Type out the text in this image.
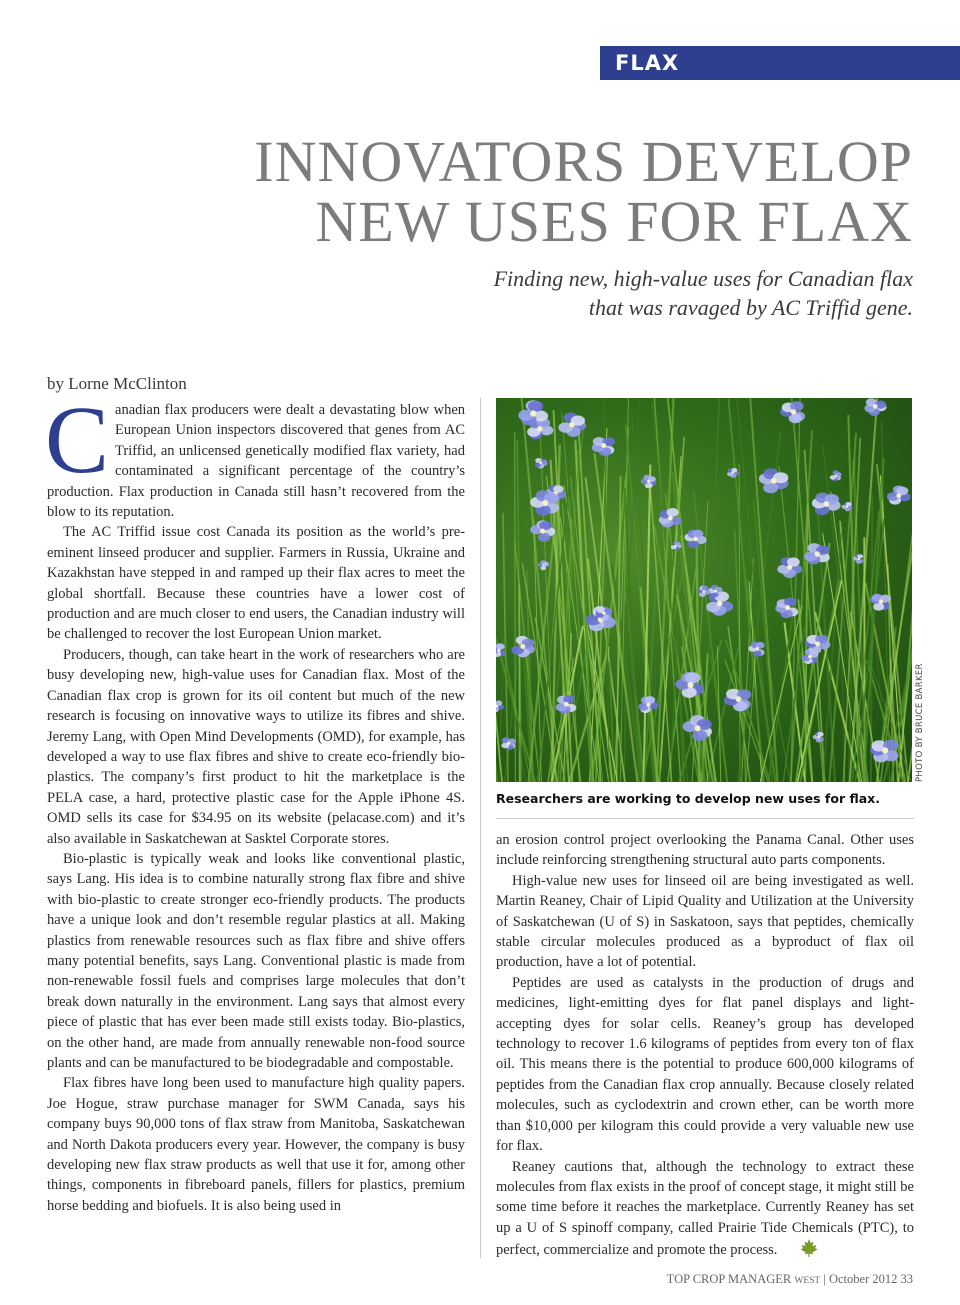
FLAX
INNOVATORS DEVELOP
NEW USES FOR FLAX
Finding new, high-value uses for Canadian flax
that was ravaged by AC Triffid gene.
by Lorne McClinton

Canadian flax producers were dealt a devastating blow when European Union inspectors discovered that genes from AC Triffid, an unlicensed genetically modified flax variety, had contaminated a significant percentage of the country’s production. Flax production in Canada still hasn’t recovered from the blow to its reputation.

The AC Triffid issue cost Canada its position as the world’s pre-eminent linseed producer and supplier. Farmers in Russia, Ukraine and Kazakhstan have stepped in and ramped up their flax acres to meet the global shortfall. Because these countries have a lower cost of production and are much closer to end users, the Canadian industry will be challenged to recover the lost European Union market.

Producers, though, can take heart in the work of researchers who are busy developing new, high-value uses for Canadian flax. Most of the Canadian flax crop is grown for its oil content but much of the new research is focusing on innovative ways to utilize its fibres and shive. Jeremy Lang, with Open Mind Developments (OMD), for example, has developed a way to use flax fibres and shive to create eco-friendly bio-plastics. The company’s first product to hit the marketplace is the PELA case, a hard, protective plastic case for the Apple iPhone 4S. OMD sells its case for $34.95 on its website (pelacase.com) and it’s also available in Saskatchewan at Sasktel Corporate stores.

Bio-plastic is typically weak and looks like conventional plastic, says Lang. His idea is to combine naturally strong flax fibre and shive with bio-plastic to create stronger eco-friendly products. The products have a unique look and don’t resemble regular plastics at all. Making plastics from renewable resources such as flax fibre and shive offers many potential benefits, says Lang. Conventional plastic is made from non-renewable fossil fuels and comprises large molecules that don’t break down naturally in the environment. Lang says that almost every piece of plastic that has ever been made still exists today. Bio-plastics, on the other hand, are made from annually renewable non-food source plants and can be manufactured to be biodegradable and compostable.

Flax fibres have long been used to manufacture high quality papers. Joe Hogue, straw purchase manager for SWM Canada, says his company buys 90,000 tons of flax straw from Manitoba, Saskatchewan and North Dakota producers every year. However, the company is busy developing new flax straw products as well that use it for, among other things, components in fibreboard panels, fillers for plastics, premium horse bedding and biofuels. It is also being used in

PHOTO BY BRUCE BARKER
Researchers are working to develop new uses for flax.

an erosion control project overlooking the Panama Canal. Other uses include reinforcing strengthening structural auto parts components.

High-value new uses for linseed oil are being investigated as well. Martin Reaney, Chair of Lipid Quality and Utilization at the University of Saskatchewan (U of S) in Saskatoon, says that peptides, chemically stable circular molecules produced as a byproduct of flax oil production, have a lot of potential.

Peptides are used as catalysts in the production of drugs and medicines, light-emitting dyes for flat panel displays and light-accepting dyes for solar cells. Reaney’s group has developed technology to recover 1.6 kilograms of peptides from every ton of flax oil. This means there is the potential to produce 600,000 kilograms of peptides from the Canadian flax crop annually. Because closely related molecules, such as cyclodextrin and crown ether, can be worth more than $10,000 per kilogram this could provide a very valuable new use for flax.

Reaney cautions that, although the technology to extract these molecules from flax exists in the proof of concept stage, it might still be some time before it reaches the marketplace. Currently Reaney has set up a U of S spinoff company, called Prairie Tide Chemicals (PTC), to perfect, commercialize and promote the process.

TOP CROP MANAGER WEST | October 2012 33
